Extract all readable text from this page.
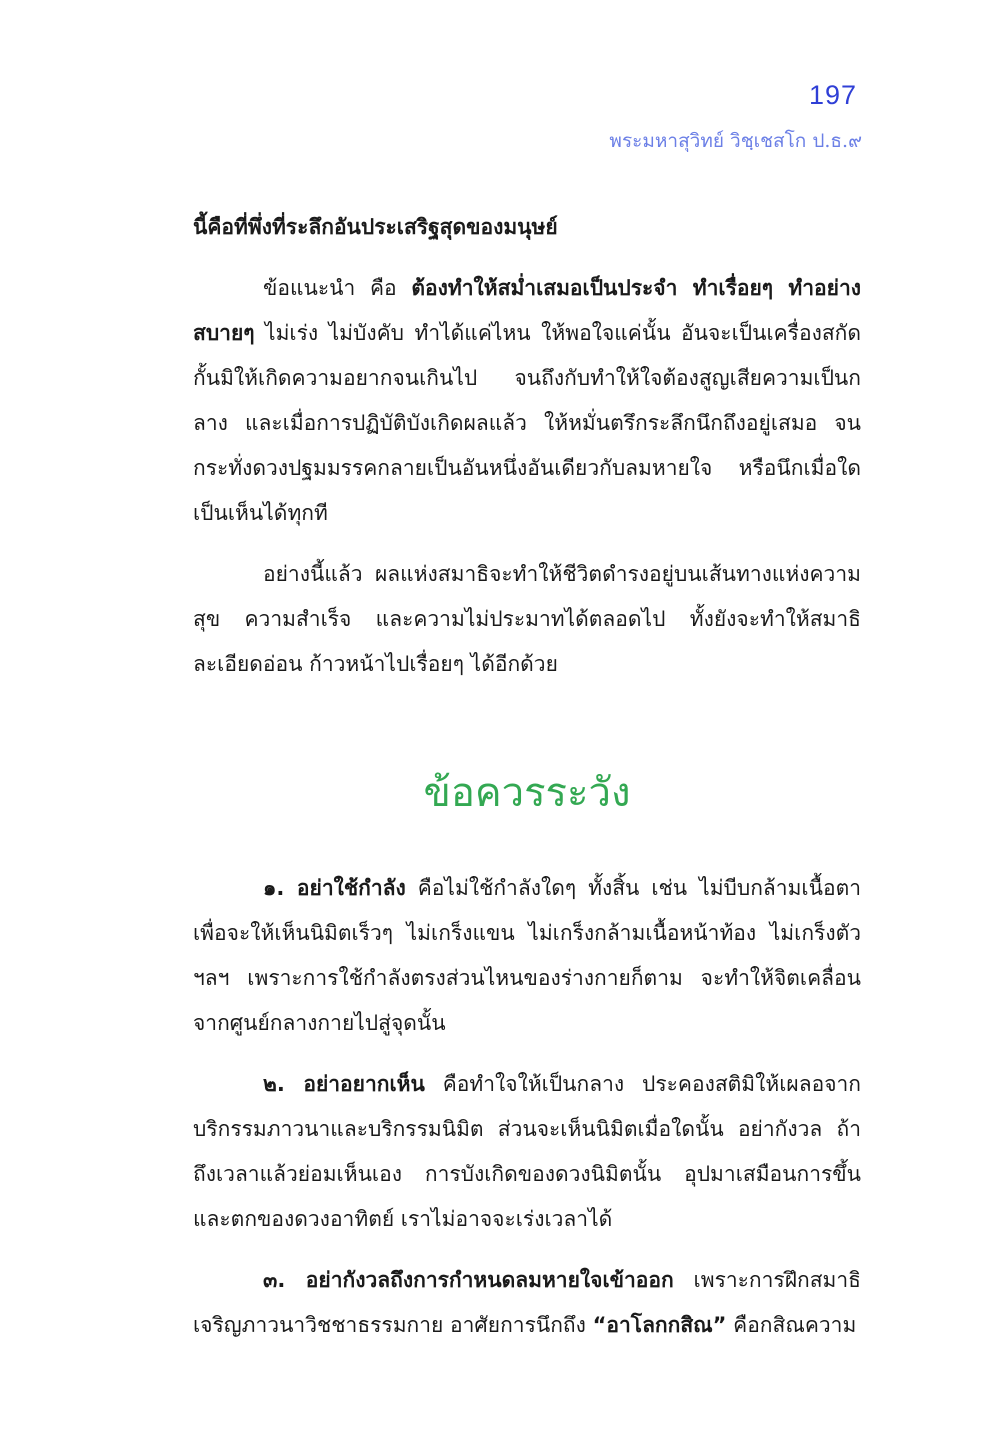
197
พระมหาสุวิทย์ วิชฺเชสโก ป.ธ.๙

นี้คือที่พึ่งที่ระลึกอันประเสริฐสุดของมนุษย์

ข้อแนะนำ คือ ต้องทำให้สม่ำเสมอเป็นประจำ ทำเรื่อยๆ ทำอย่างสบายๆ ไม่เร่ง ไม่บังคับ ทำได้แค่ไหน ให้พอใจแค่นั้น อันจะเป็นเครื่องสกัดกั้นมิให้เกิดความอยากจนเกินไป จนถึงกับทำให้ใจต้องสูญเสียความเป็นกลาง และเมื่อการปฏิบัติบังเกิดผลแล้ว ให้หมั่นตรึกระลึกนึกถึงอยู่เสมอ จนกระทั่งดวงปฐมมรรคกลายเป็นอันหนึ่งอันเดียวกับลมหายใจ หรือนึกเมื่อใดเป็นเห็นได้ทุกที

อย่างนี้แล้ว ผลแห่งสมาธิจะทำให้ชีวิตดำรงอยู่บนเส้นทางแห่งความสุข ความสำเร็จ และความไม่ประมาทได้ตลอดไป ทั้งยังจะทำให้สมาธิละเอียดอ่อน ก้าวหน้าไปเรื่อยๆ ได้อีกด้วย

ข้อควรระวัง

๑. อย่าใช้กำลัง คือไม่ใช้กำลังใดๆ ทั้งสิ้น เช่น ไม่บีบกล้ามเนื้อตาเพื่อจะให้เห็นนิมิตเร็วๆ ไม่เกร็งแขน ไม่เกร็งกล้ามเนื้อหน้าท้อง ไม่เกร็งตัว ฯลฯ เพราะการใช้กำลังตรงส่วนไหนของร่างกายก็ตาม จะทำให้จิตเคลื่อนจากศูนย์กลางกายไปสู่จุดนั้น

๒. อย่าอยากเห็น คือทำใจให้เป็นกลาง ประคองสติมิให้เผลอจากบริกรรมภาวนาและบริกรรมนิมิต ส่วนจะเห็นนิมิตเมื่อใดนั้น อย่ากังวล ถ้าถึงเวลาแล้วย่อมเห็นเอง การบังเกิดของดวงนิมิตนั้น อุปมาเสมือนการขึ้นและตกของดวงอาทิตย์ เราไม่อาจจะเร่งเวลาได้

๓. อย่ากังวลถึงการกำหนดลมหายใจเข้าออก เพราะการฝึกสมาธิเจริญภาวนาวิชชาธรรมกาย อาศัยการนึกถึง “อาโลกกสิณ” คือกสิณความ
